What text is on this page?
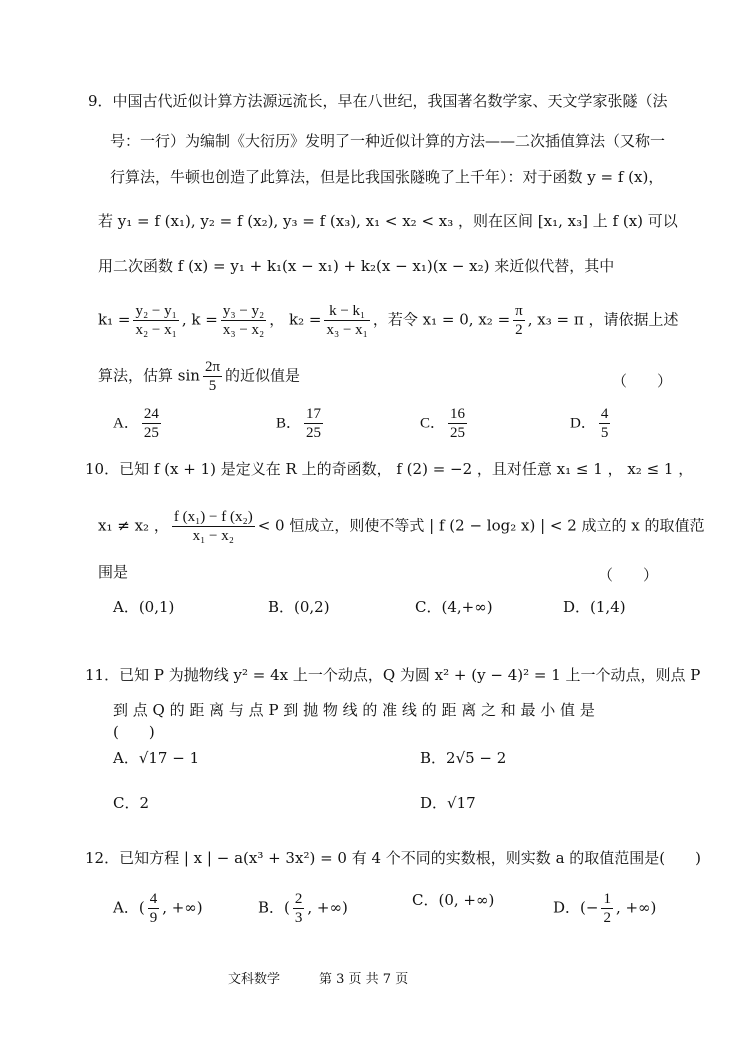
9．中国古代近似计算方法源远流长，早在八世纪，我国著名数学家、天文学家张隧（法
号：一行）为编制《大衍历》发明了一种近似计算的方法——二次插值算法（又称一
行算法，牛顿也创造了此算法，但是比我国张隧晚了上千年）：对于函数 y = f (x)，
若 y₁ = f (x₁), y₂ = f (x₂), y₃ = f (x₃), x₁ < x₂ < x₃ ，则在区间 [x₁, x₃] 上 f (x) 可以
用二次函数 f (x) = y₁ + k₁(x − x₁) + k₂(x − x₁)(x − x₂) 来近似代替，其中
$k_1 = \frac{\text{y₂ − y₁}}{\text{x₂ − x₁}}$ , $k = \frac{\text{y₃ − y₂}}{\text{x₃ − x₂}}$ ， $k_2 = \frac{\text{k − k₁}}{\text{x₃ − x₁}}$ ，若令 x₁ = 0, $x_2 = \frac{\pi}{2}$ , x₃ = π ，请依据上述
算法，估算 $\sin \frac{2\pi}{5}$ 的近似值是	（　　）
A． $\frac{24}{25}$	B． $\frac{17}{25}$	C． $\frac{16}{25}$	D． $\frac{4}{5}$
10．已知 f (x + 1) 是定义在 R 上的奇函数， f (2) = −2 ，且对任意 x₁ ≤ 1 ， x₂ ≤ 1 ，
x₁ ≠ x₂ ， $\frac{\text{f (x₁) − f (x₂)}}{\text{x₁ − x₂}} < 0$ 恒成立，则使不等式 | f (2 − log₂ x) | < 2 成立的 x 的取值范
围是	（　　）
A．(0,1)	B．(0,2)	C．(4,+∞)	D．(1,4)
11．已知 P 为抛物线 y² = 4x 上一个动点，Q 为圆 x² + (y − 4)² = 1 上一个动点，则点 P
到 点 Q 的 距 离 与 点 P 到 抛 物 线 的 准 线 的 距 离 之 和 最 小 值 是
(　　)
A．√17 − 1	B．2√5 − 2
C．2	D．√17
12．已知方程 | x | − a(x³ + 3x²) = 0 有 4 个不同的实数根，则实数 a 的取值范围是(　　)
A．( $\frac{4}{9}$ , +∞)	B．( $\frac{2}{3}$ , +∞)	C．(0, +∞)	D．(− $\frac{1}{2}$ , +∞)
文科数学　　　第 3 页 共 7 页
